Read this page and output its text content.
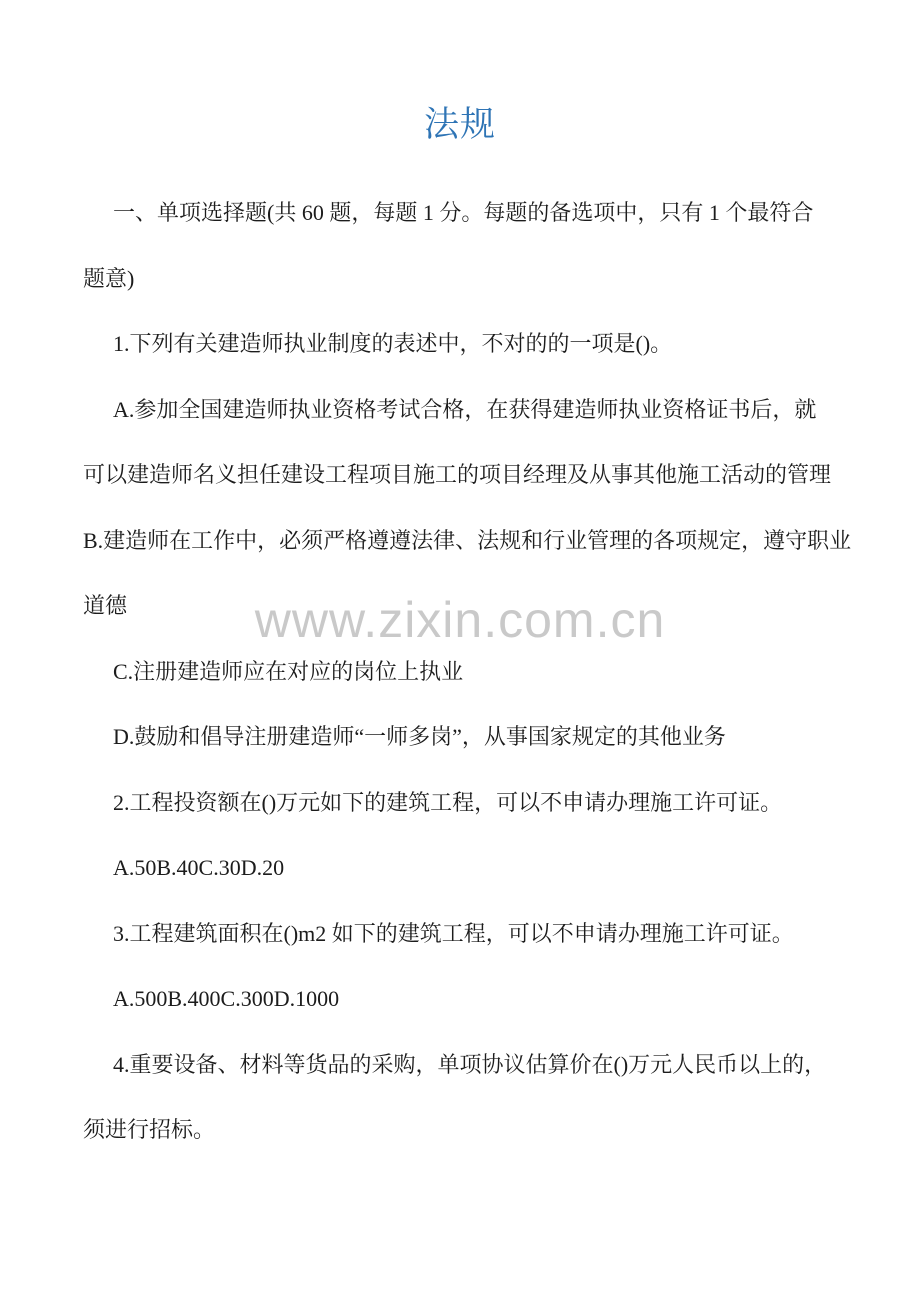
法规
www.zixin.com.cn
一、单项选择题(共 60 题，每题 1 分。每题的备选项中，只有 1 个最符合
题意)
1.下列有关建造师执业制度的表述中，不对的的一项是()。
A.参加全国建造师执业资格考试合格，在获得建造师执业资格证书后，就
可以建造师名义担任建设工程项目施工的项目经理及从事其他施工活动的管理
B.建造师在工作中，必须严格遵遵法律、法规和行业管理的各项规定，遵守职业
道德
C.注册建造师应在对应的岗位上执业
D.鼓励和倡导注册建造师“一师多岗”，从事国家规定的其他业务
2.工程投资额在()万元如下的建筑工程，可以不申请办理施工许可证。
A.50B.40C.30D.20
3.工程建筑面积在()m2 如下的建筑工程，可以不申请办理施工许可证。
A.500B.400C.300D.1000
4.重要设备、材料等货品的采购，单项协议估算价在()万元人民币以上的，
须进行招标。
